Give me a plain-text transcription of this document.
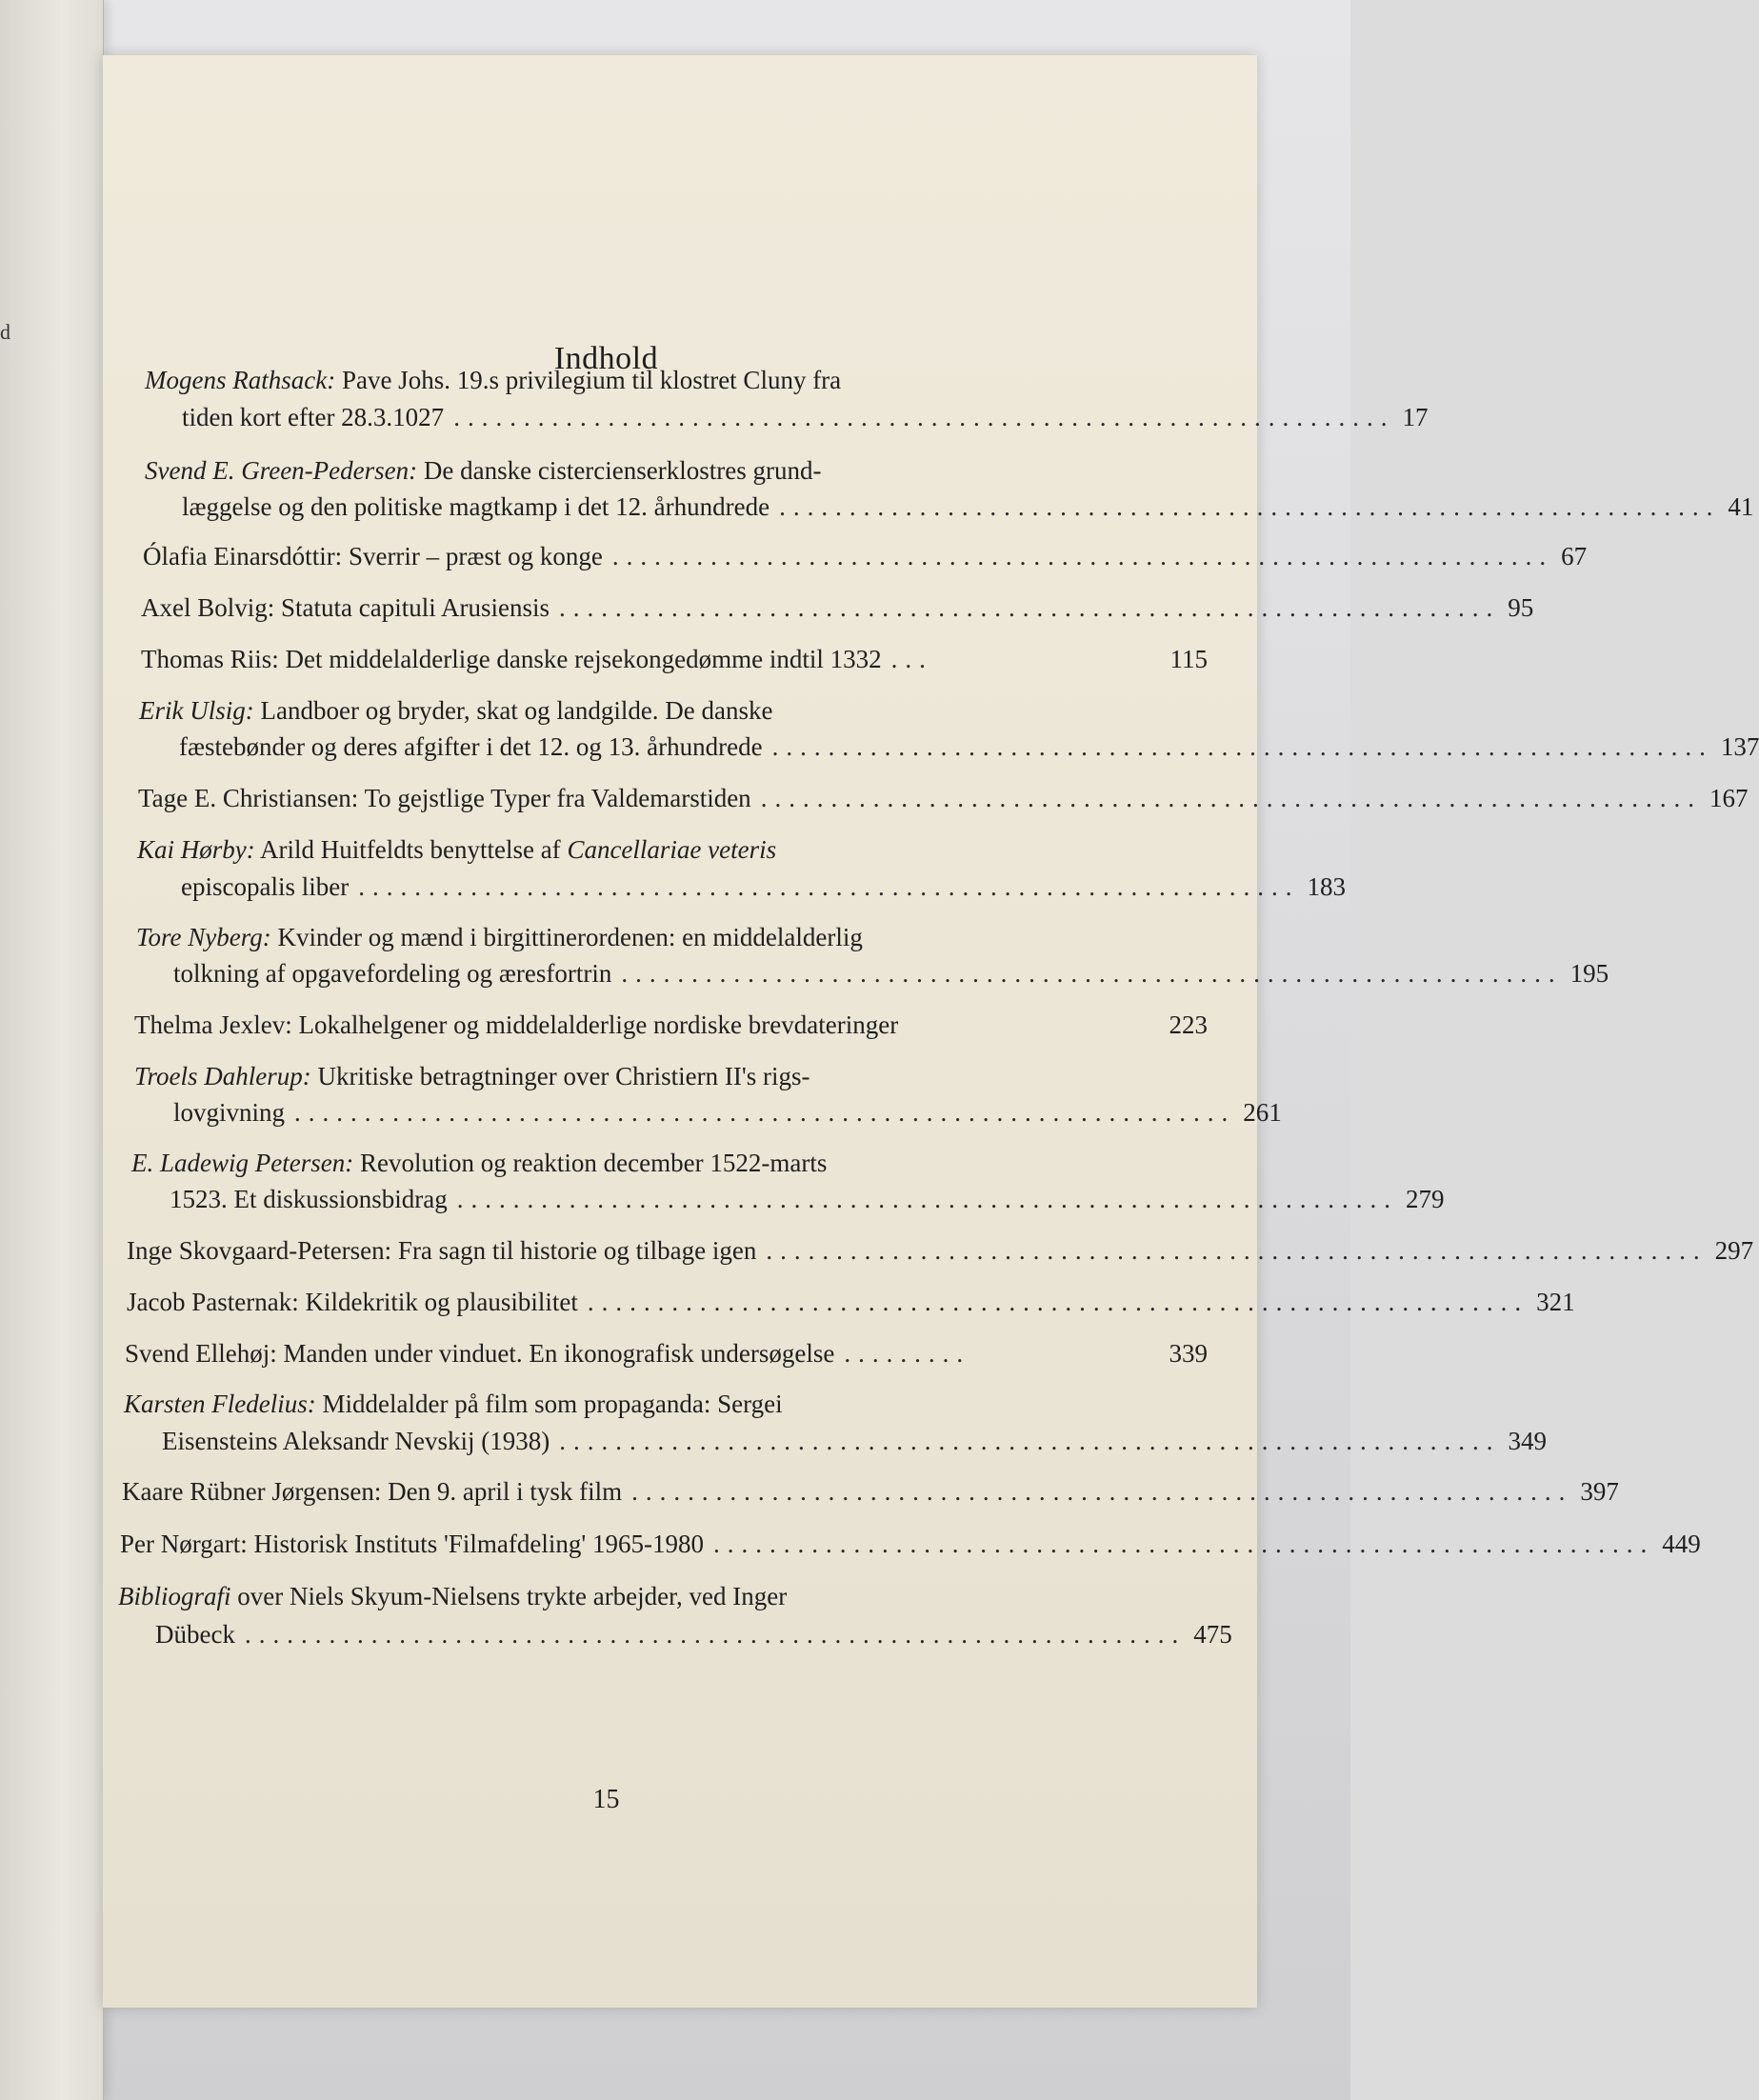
d
Indhold
Mogens Rathsack: Pave Johs. 19.s privilegium til klostret Cluny fra
tiden kort efter 28.3.1027 ................................................................... 17
Svend E. Green-Pedersen: De danske cistercienserklostres grund-
læggelse og den politiske magtkamp i det 12. århundrede ................................................................... 41
Ólafia Einarsdóttir: Sverrir – præst og konge ................................................................... 67
Axel Bolvig: Statuta capituli Arusiensis ................................................................... 95
Thomas Riis: Det middelalderlige danske rejsekongedømme indtil 1332 ...	115
Erik Ulsig: Landboer og bryder, skat og landgilde. De danske
fæstebønder og deres afgifter i det 12. og 13. århundrede ................................................................... 137
Tage E. Christiansen: To gejstlige Typer fra Valdemarstiden ................................................................... 167
Kai Hørby: Arild Huitfeldts benyttelse af Cancellariae veteris
episcopalis liber ................................................................... 183
Tore Nyberg: Kvinder og mænd i birgittinerordenen: en middelalderlig
tolkning af opgavefordeling og æresfortrin ................................................................... 195
Thelma Jexlev: Lokalhelgener og middelalderlige nordiske brevdateringer	223
Troels Dahlerup: Ukritiske betragtninger over Christiern II's rigs-
lovgivning ................................................................... 261
E. Ladewig Petersen: Revolution og reaktion december 1522-marts
1523. Et diskussionsbidrag ................................................................... 279
Inge Skovgaard-Petersen: Fra sagn til historie og tilbage igen ................................................................... 297
Jacob Pasternak: Kildekritik og plausibilitet ................................................................... 321
Svend Ellehøj: Manden under vinduet. En ikonografisk undersøgelse .........	339
Karsten Fledelius: Middelalder på film som propaganda: Sergei
Eisensteins Aleksandr Nevskij (1938) ................................................................... 349
Kaare Rübner Jørgensen: Den 9. april i tysk film ................................................................... 397
Per Nørgart: Historisk Instituts 'Filmafdeling' 1965-1980 ................................................................... 449
Bibliografi over Niels Skyum-Nielsens trykte arbejder, ved Inger
Dübeck ................................................................... 475
15
